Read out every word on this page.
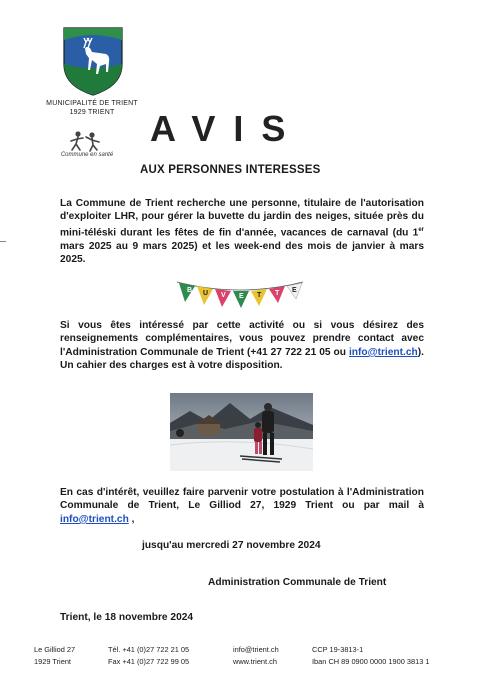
MUNICIPALITÉ DE TRIENT
1929 TRIENT
Commune en santé
AVIS
AUX PERSONNES INTERESSES
La Commune de Trient recherche une personne, titulaire de l'autorisation d'exploiter LHR, pour gérer la buvette du jardin des neiges, située près du mini-téléski durant les fêtes de fin d'année, vacances de carnaval (du 1er mars 2025 au 9 mars 2025) et les week-end des mois de janvier à mars 2025.
B U V E T T E
Si vous êtes intéressé par cette activité ou si vous désirez des renseignements complémentaires, vous pouvez prendre contact avec l'Administration Communale de Trient (+41 27 722 21 05 ou info@trient.ch). Un cahier des charges est à votre disposition.
En cas d'intérêt, veuillez faire parvenir votre postulation à l'Administration Communale de Trient, Le Gilliod 27, 1929 Trient ou par mail à info@trient.ch ,
jusqu'au mercredi 27 novembre 2024
Administration Communale de Trient
Trient, le 18 novembre 2024
Le Gilliod 27
1929 Trient
Tél. +41 (0)27 722 21 05
Fax +41 (0)27 722 99 05
info@trient.ch
www.trient.ch
CCP 19-3813-1
Iban CH 89 0900 0000 1900 3813 1
